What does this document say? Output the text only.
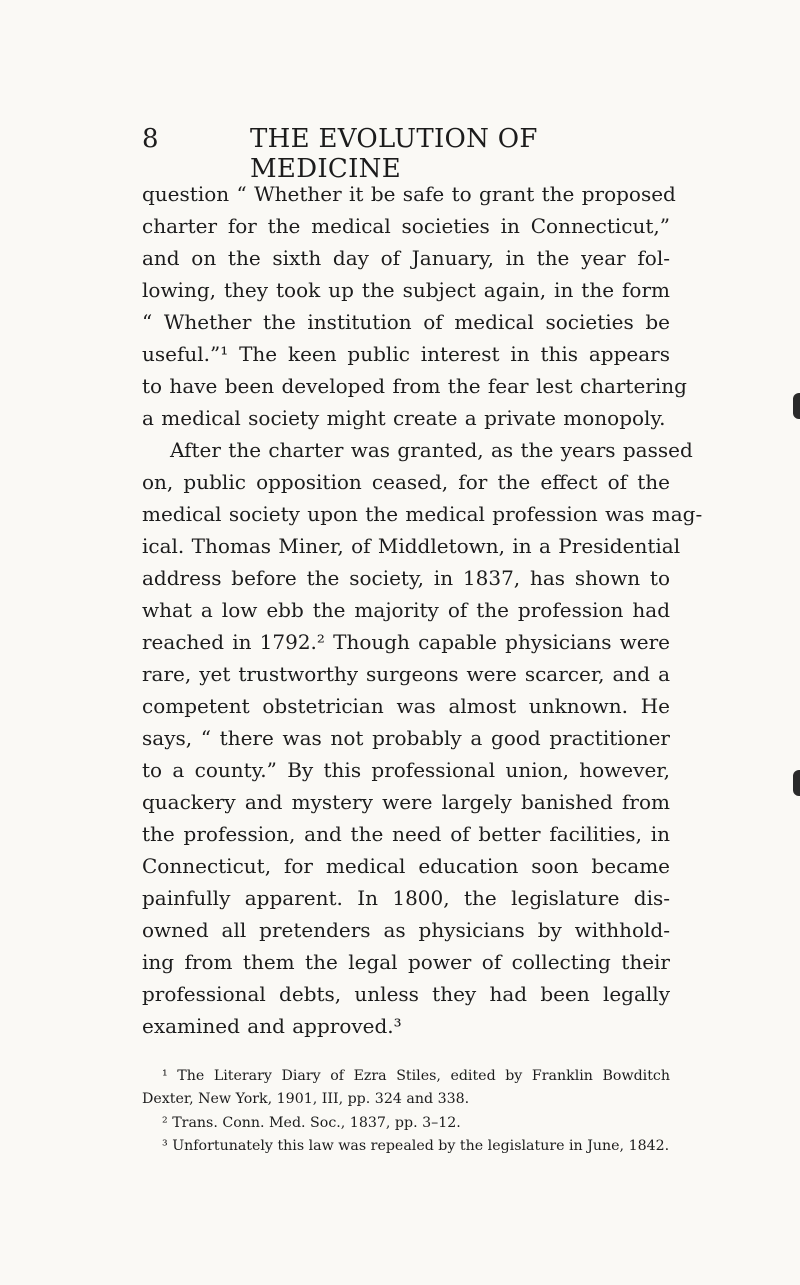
8	THE EVOLUTION OF MEDICINE
question “ Whether it be safe to grant the proposed
charter for the medical societies in Connecticut,”
and on the sixth day of January, in the year fol-
lowing, they took up the subject again, in the form
“ Whether the institution of medical societies be
useful.”¹ The keen public interest in this appears
to have been developed from the fear lest chartering
a medical society might create a private monopoly.
After the charter was granted, as the years passed
on, public opposition ceased, for the effect of the
medical society upon the medical profession was mag-
ical. Thomas Miner, of Middletown, in a Presidential
address before the society, in 1837, has shown to
what a low ebb the majority of the profession had
reached in 1792.² Though capable physicians were
rare, yet trustworthy surgeons were scarcer, and a
competent obstetrician was almost unknown. He
says, “ there was not probably a good practitioner
to a county.” By this professional union, however,
quackery and mystery were largely banished from
the profession, and the need of better facilities, in
Connecticut, for medical education soon became
painfully apparent. In 1800, the legislature dis-
owned all pretenders as physicians by withhold-
ing from them the legal power of collecting their
professional debts, unless they had been legally
examined and approved.³
¹ The Literary Diary of Ezra Stiles, edited by Franklin Bowditch
Dexter, New York, 1901, III, pp. 324 and 338.
² Trans. Conn. Med. Soc., 1837, pp. 3–12.
³ Unfortunately this law was repealed by the legislature in June, 1842.
